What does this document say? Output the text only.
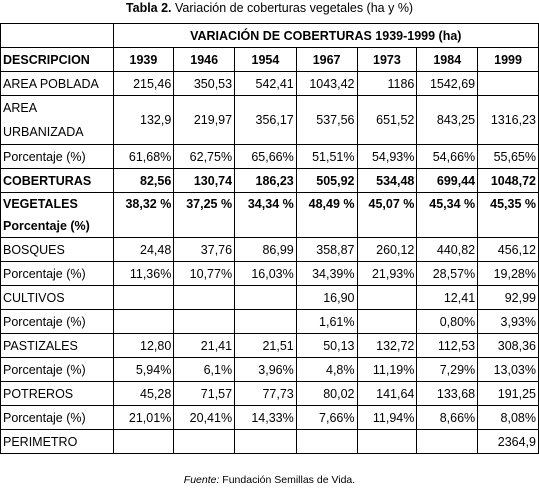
Tabla 2. Variación de coberturas vegetales (ha y %)
	VARIACIÓN DE COBERTURAS 1939-1999 (ha)						
DESCRIPCION	1939	1946	1954	1967	1973	1984	1999
AREA POBLADA	215,46	350,53	542,41	1043,42	1186	1542,69	
AREA URBANIZADA	132,9	219,97	356,17	537,56	651,52	843,25	1316,23
Porcentaje (%)	61,68%	62,75%	65,66%	51,51%	54,93%	54,66%	55,65%
COBERTURAS	82,56	130,74	186,23	505,92	534,48	699,44	1048,72

VEGETALES
Porcentaje (%)	38,32 %	37,25 %	34,34 %	48,49 %	45,07 %	45,34 %	45,35 %
BOSQUES	24,48	37,76	86,99	358,87	260,12	440,82	456,12
Porcentaje (%)	11,36%	10,77%	16,03%	34,39%	21,93%	28,57%	19,28%
CULTIVOS				16,90		12,41	92,99
Porcentaje (%)				1,61%		0,80%	3,93%
PASTIZALES	12,80	21,41	21,51	50,13	132,72	112,53	308,36
Porcentaje (%)	5,94%	6,1%	3,96%	4,8%	11,19%	7,29%	13,03%
POTREROS	45,28	71,57	77,73	80,02	141,64	133,68	191,25
Porcentaje (%)	21,01%	20,41%	14,33%	7,66%	11,94%	8,66%	8,08%
PERIMETRO							2364,9
Fuente: Fundación Semillas de Vida.
